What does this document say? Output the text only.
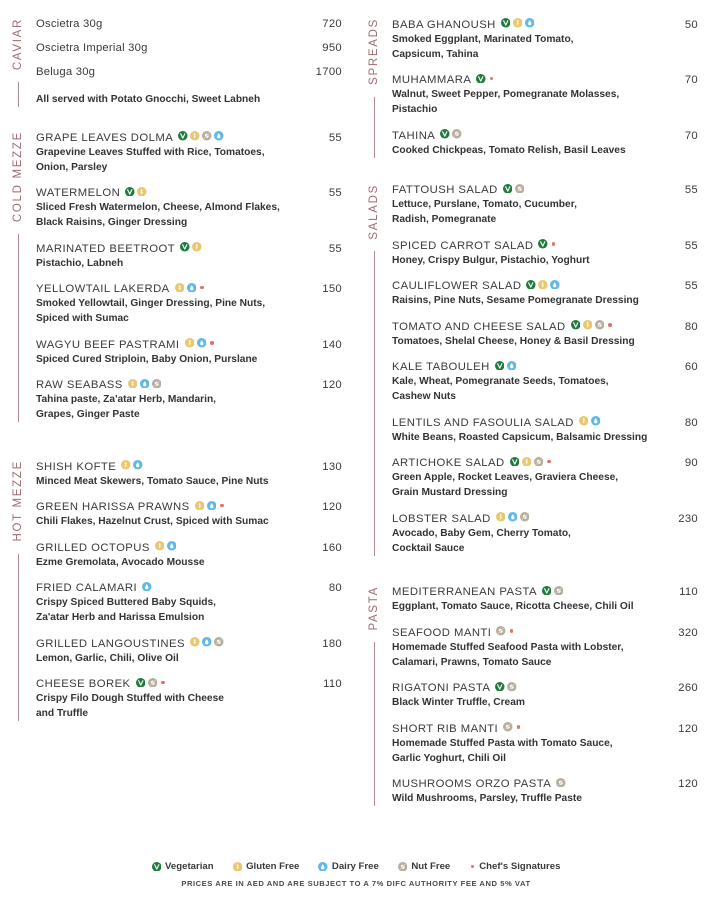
CAVIAR Oscietra 30g	720
Oscietra Imperial 30g	950
Beluga 30g	1700
All served with Potato Gnocchi, Sweet Labneh
COLD MEZZE GRAPE LEAVES DOLMA	55
Grapevine Leaves Stuffed with Rice, Tomatoes,
Onion, Parsley
WATERMELON	55
Sliced Fresh Watermelon, Cheese, Almond Flakes,
Black Raisins, Ginger Dressing
MARINATED BEETROOT	55
Pistachio, Labneh
YELLOWTAIL LAKERDA	150
Smoked Yellowtail, Ginger Dressing, Pine Nuts,
Spiced with Sumac
WAGYU BEEF PASTRAMI	140
Spiced Cured Striploin, Baby Onion, Purslane
RAW SEABASS	120
Tahina paste, Za'atar Herb, Mandarin,
Grapes, Ginger Paste
HOT MEZZE SHISH KOFTE	130
Minced Meat Skewers, Tomato Sauce, Pine Nuts
GREEN HARISSA PRAWNS	120
Chili Flakes, Hazelnut Crust, Spiced with Sumac
GRILLED OCTOPUS	160
Ezme Gremolata, Avocado Mousse
FRIED CALAMARI	80
Crispy Spiced Buttered Baby Squids,
Za'atar Herb and Harissa Emulsion
GRILLED LANGOUSTINES	180
Lemon, Garlic, Chili, Olive Oil
CHEESE BOREK	110
Crispy Filo Dough Stuffed with Cheese
and Truffle
SPREADS BABA GHANOUSH	50
Smoked Eggplant, Marinated Tomato,
Capsicum, Tahina
MUHAMMARA	70
Walnut, Sweet Pepper, Pomegranate Molasses,
Pistachio
TAHINA	70
Cooked Chickpeas, Tomato Relish, Basil Leaves
SALADS FATTOUSH SALAD	55
Lettuce, Purslane, Tomato, Cucumber,
Radish, Pomegranate
SPICED CARROT SALAD	55
Honey, Crispy Bulgur, Pistachio, Yoghurt
CAULIFLOWER SALAD	55
Raisins, Pine Nuts, Sesame Pomegranate Dressing
TOMATO AND CHEESE SALAD	80
Tomatoes, Shelal Cheese, Honey & Basil Dressing
KALE TABOULEH	60
Kale, Wheat, Pomegranate Seeds, Tomatoes,
Cashew Nuts
LENTILS AND FASOULIA SALAD	80
White Beans, Roasted Capsicum, Balsamic Dressing
ARTICHOKE SALAD	90
Green Apple, Rocket Leaves, Graviera Cheese,
Grain Mustard Dressing
LOBSTER SALAD	230
Avocado, Baby Gem, Cherry Tomato,
Cocktail Sauce
PASTA MEDITERRANEAN PASTA	110
Eggplant, Tomato Sauce, Ricotta Cheese, Chili Oil
SEAFOOD MANTI	320
Homemade Stuffed Seafood Pasta with Lobster,
Calamari, Prawns, Tomato Sauce
RIGATONI PASTA	260
Black Winter Truffle, Cream
SHORT RIB MANTI	120
Homemade Stuffed Pasta with Tomato Sauce,
Garlic Yoghurt, Chili Oil
MUSHROOMS ORZO PASTA	120
Wild Mushrooms, Parsley, Truffle Paste
Vegetarian	Gluten Free	Dairy Free	Nut Free	Chef's Signatures
PRICES ARE IN AED AND ARE SUBJECT TO A 7% DIFC AUTHORITY FEE AND 5% VAT
